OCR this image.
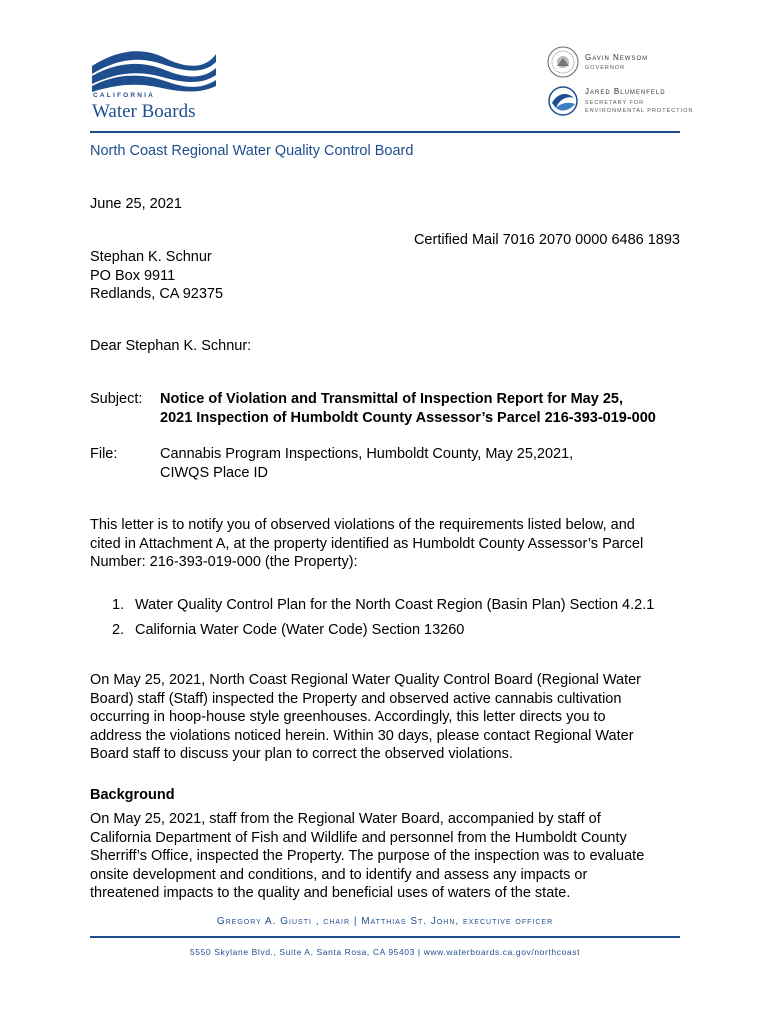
CALIFORNIA
Water Boards
Gavin Newsom
GOVERNOR
Jared Blumenfeld
SECRETARY FOR
ENVIRONMENTAL PROTECTION
North Coast Regional Water Quality Control Board
June 25, 2021
Certified Mail 7016 2070 0000 6486 1893
Stephan K. Schnur
PO Box 9911
Redlands, CA 92375
Dear Stephan K. Schnur:
Subject: Notice of Violation and Transmittal of Inspection Report for May 25,
2021 Inspection of Humboldt County Assessor’s Parcel 216-393-019-000
File:	Cannabis Program Inspections, Humboldt County, May 25,2021,
CIWQS Place ID
This letter is to notify you of observed violations of the requirements listed below, and
cited in Attachment A, at the property identified as Humboldt County Assessor’s Parcel
Number: 216-393-019-000 (the Property):
1. Water Quality Control Plan for the North Coast Region (Basin Plan) Section 4.2.1
2. California Water Code (Water Code) Section 13260
On May 25, 2021, North Coast Regional Water Quality Control Board (Regional Water
Board) staff (Staff) inspected the Property and observed active cannabis cultivation
occurring in hoop-house style greenhouses. Accordingly, this letter directs you to
address the violations noticed herein. Within 30 days, please contact Regional Water
Board staff to discuss your plan to correct the observed violations.
Background
On May 25, 2021, staff from the Regional Water Board, accompanied by staff of
California Department of Fish and Wildlife and personnel from the Humboldt County
Sherriff’s Office, inspected the Property. The purpose of the inspection was to evaluate
onsite development and conditions, and to identify and assess any impacts or
threatened impacts to the quality and beneficial uses of waters of the state.
Gregory A. Giusti , chair | Matthias St. John, executive officer
5550 Skylane Blvd., Suite A, Santa Rosa, CA 95403 | www.waterboards.ca.gov/northcoast
